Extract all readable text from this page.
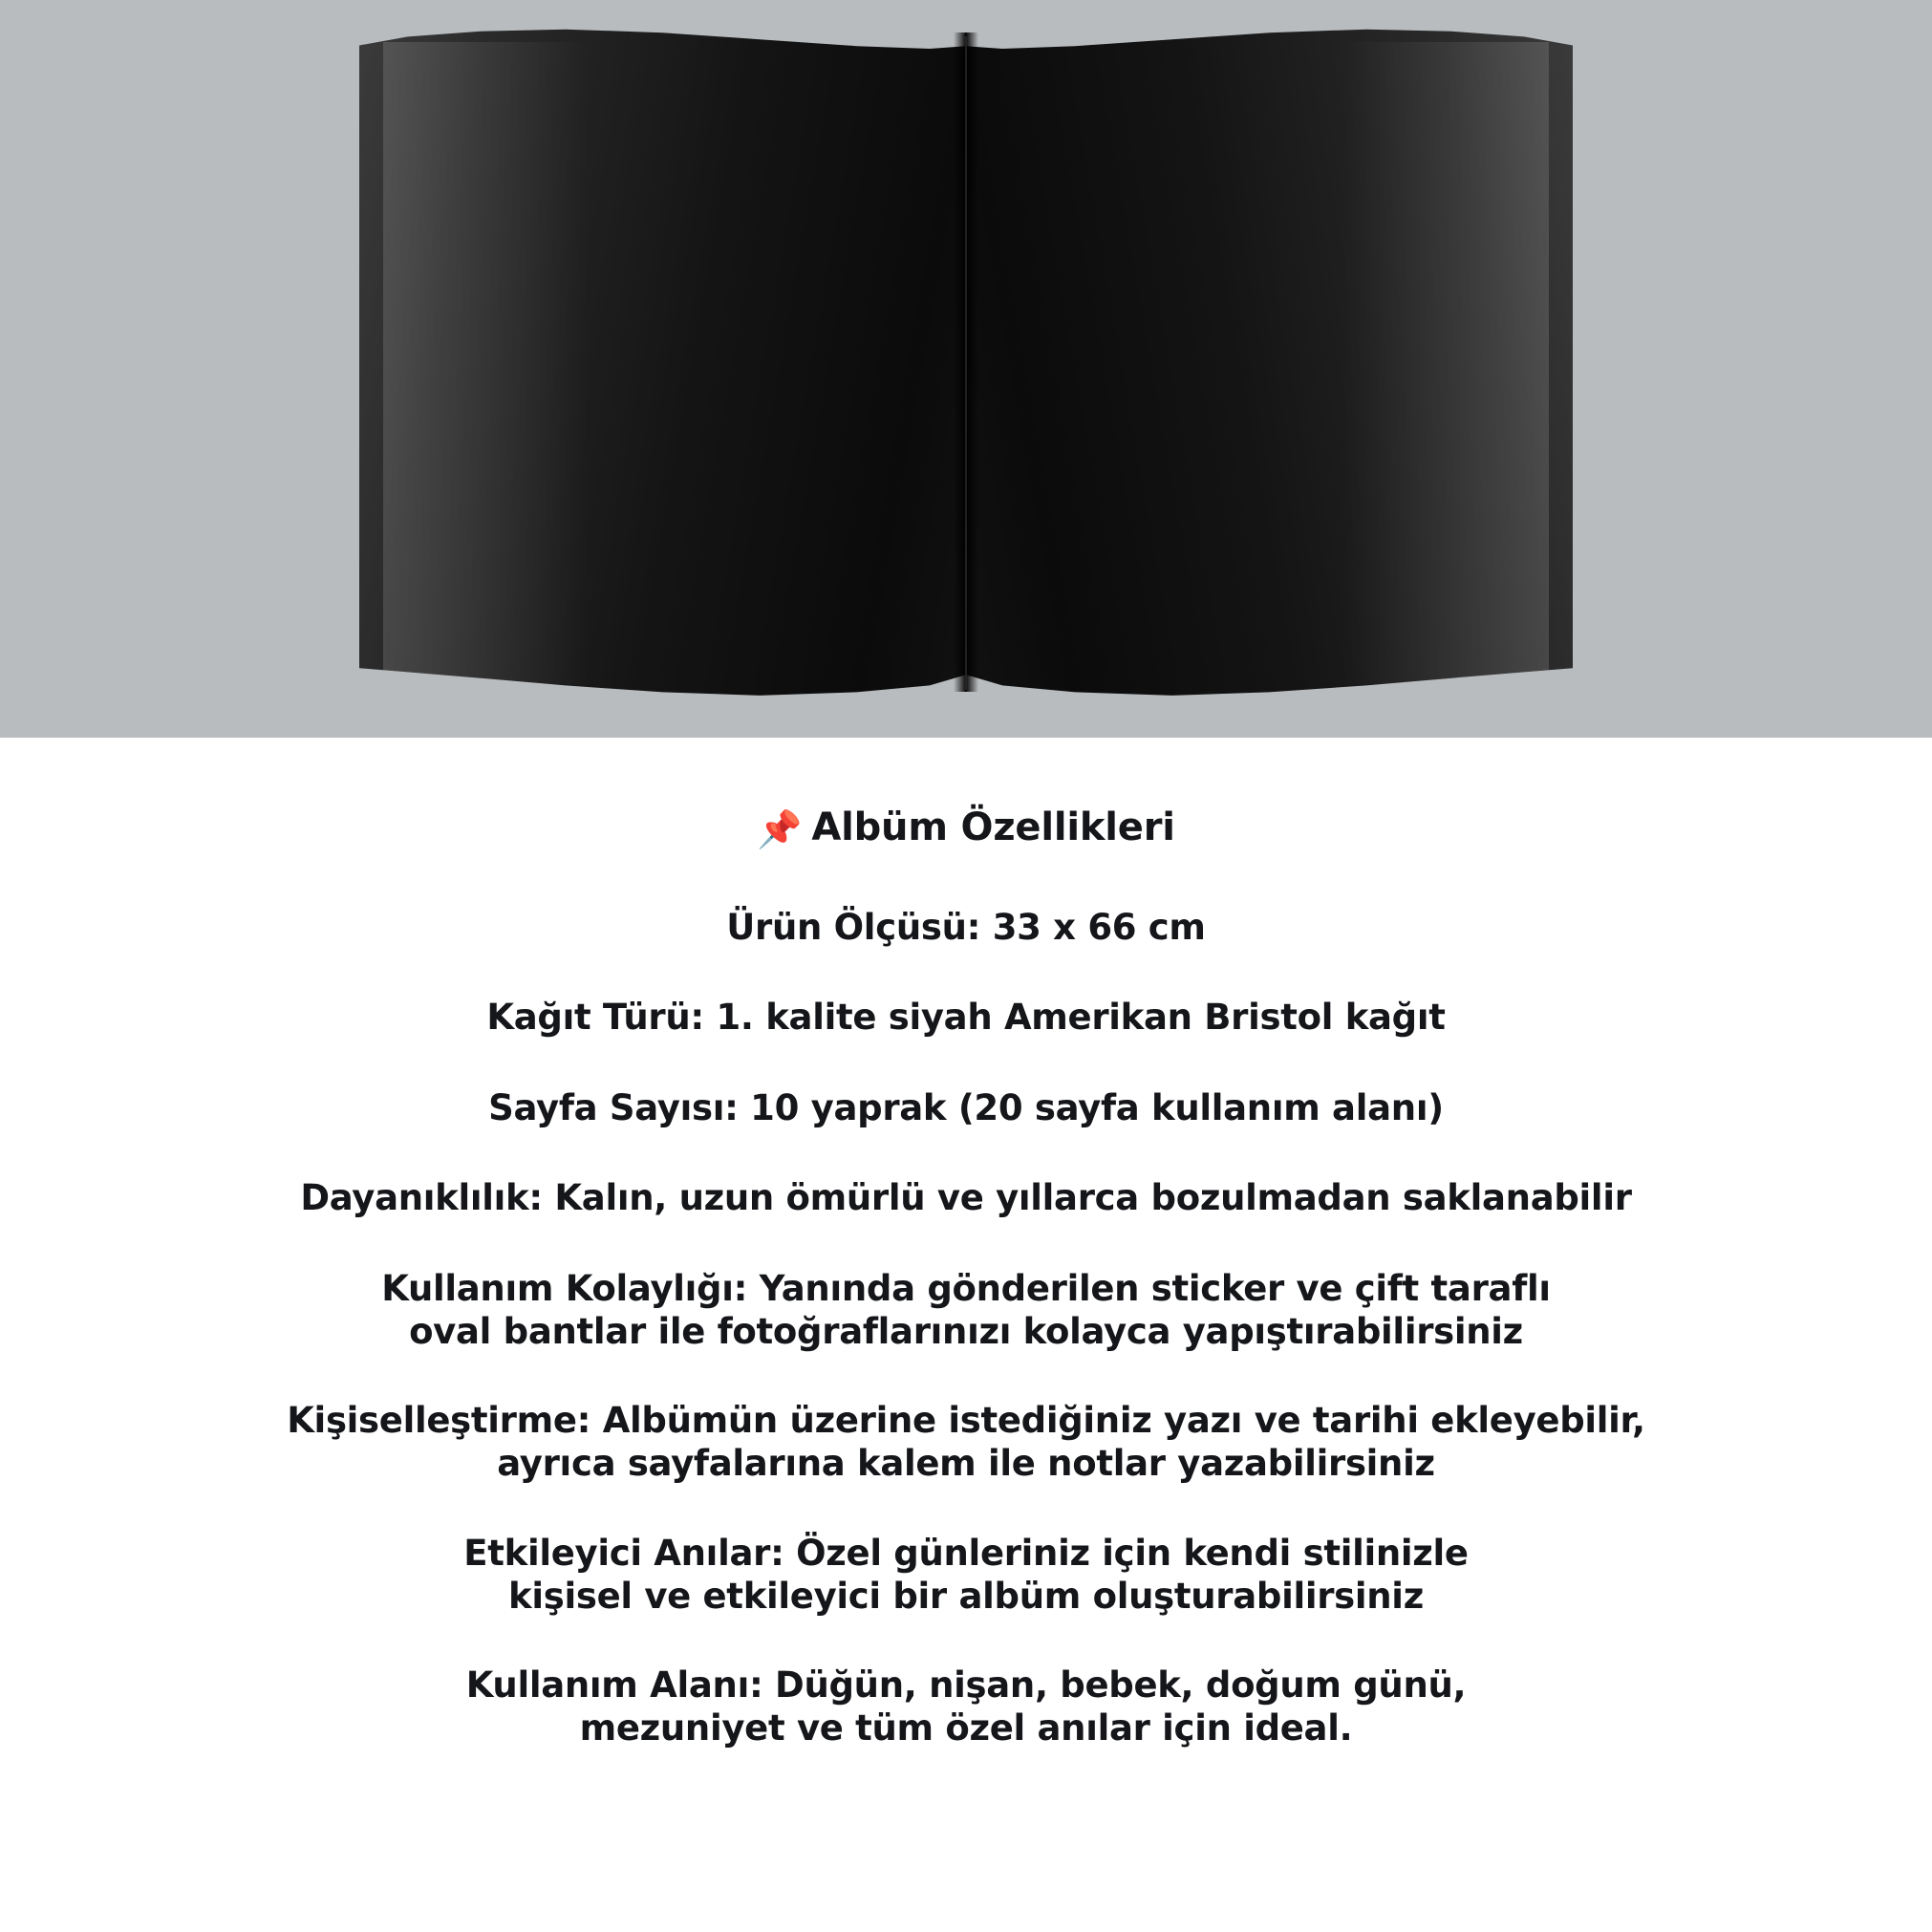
📌 Albüm Özellikleri

Ürün Ölçüsü: 33 x 66 cm

Kağıt Türü: 1. kalite siyah Amerikan Bristol kağıt

Sayfa Sayısı: 10 yaprak (20 sayfa kullanım alanı)

Dayanıklılık: Kalın, uzun ömürlü ve yıllarca bozulmadan saklanabilir

Kullanım Kolaylığı: Yanında gönderilen sticker ve çift taraflı
oval bantlar ile fotoğraflarınızı kolayca yapıştırabilirsiniz

Kişiselleştirme: Albümün üzerine istediğiniz yazı ve tarihi ekleyebilir,
ayrıca sayfalarına kalem ile notlar yazabilirsiniz

Etkileyici Anılar: Özel günleriniz için kendi stilinizle
kişisel ve etkileyici bir albüm oluşturabilirsiniz

Kullanım Alanı: Düğün, nişan, bebek, doğum günü,
mezuniyet ve tüm özel anılar için ideal.
